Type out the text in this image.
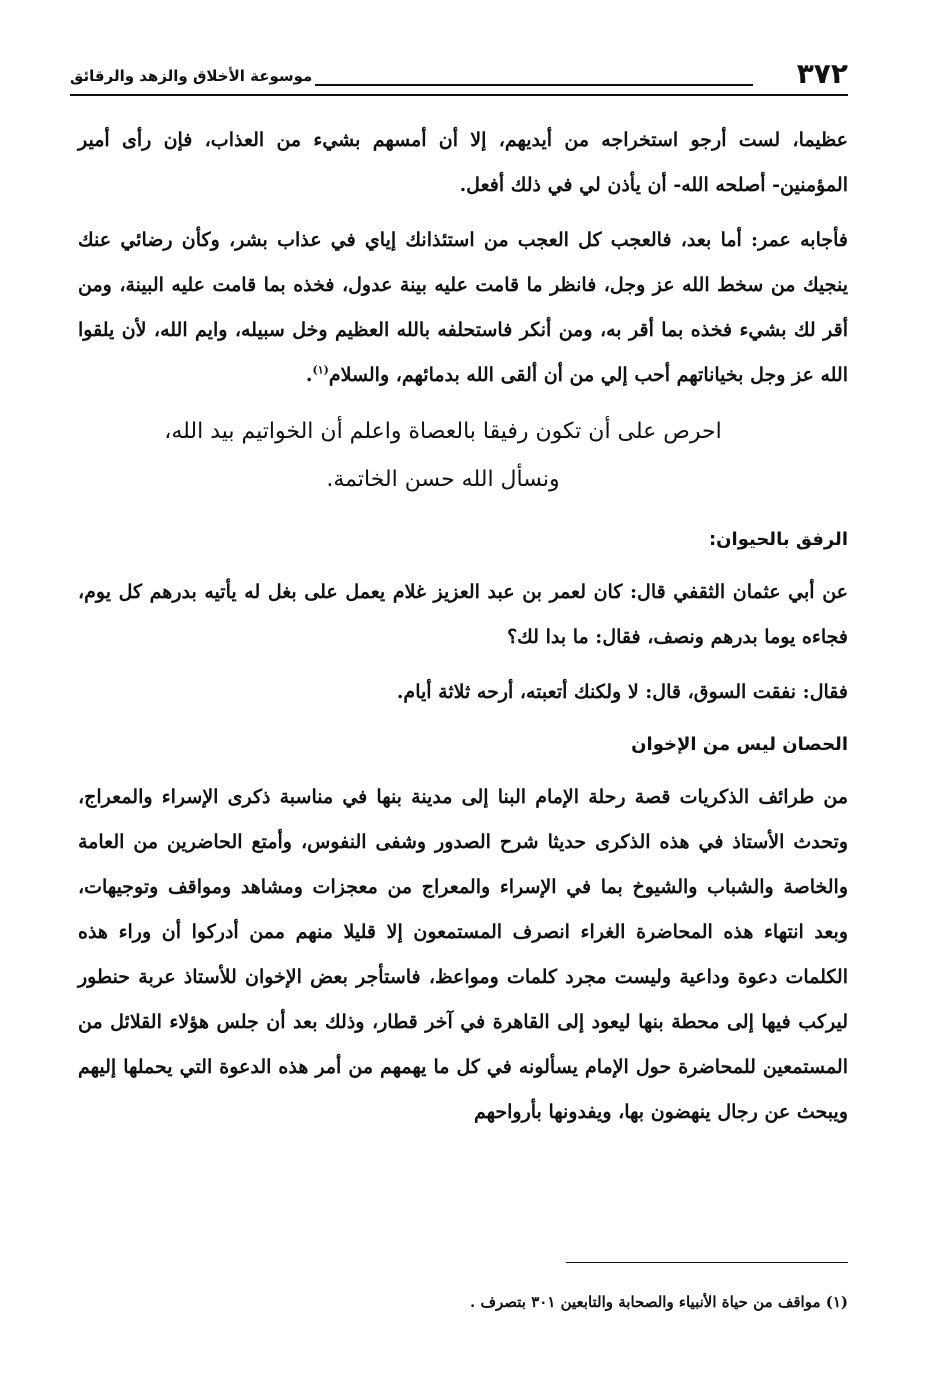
٣٧٢
موسوعة الأخلاق والزهد والرقائق

عظيما، لست أرجو استخراجه من أيديهم، إلا أن أمسهم بشيء من العذاب، فإن رأى أمير المؤمنين- أصلحه الله- أن يأذن لي في ذلك أفعل.

فأجابه عمر: أما بعد، فالعجب كل العجب من استئذانك إياي في عذاب بشر، وكأن رضائي عنك ينجيك من سخط الله عز وجل، فانظر ما قامت عليه بينة عدول، فخذه بما قامت عليه البينة، ومن أقر لك بشيء فخذه بما أقر به، ومن أنكر فاستحلفه بالله العظيم وخل سبيله، وايم الله، لأن يلقوا الله عز وجل بخياناتهم أحب إلي من أن ألقى الله بدمائهم، والسلام$^{(١)}$.

احرص على أن تكون رفيقا بالعصاة واعلم أن الخواتيم بيد الله،

ونسأل الله حسن الخاتمة.

الرفق بالحيوان:

عن أبي عثمان الثقفي قال: كان لعمر بن عبد العزيز غلام يعمل على بغل له يأتيه بدرهم كل يوم، فجاءه يوما بدرهم ونصف، فقال: ما بدا لك؟

فقال: نفقت السوق، قال: لا ولكنك أتعبته، أرحه ثلاثة أيام.

الحصان ليس من الإخوان

من طرائف الذكريات قصة رحلة الإمام البنا إلى مدينة بنها في مناسبة ذكرى الإسراء والمعراج، وتحدث الأستاذ في هذه الذكرى حديثا شرح الصدور وشفى النفوس، وأمتع الحاضرين من العامة والخاصة والشباب والشيوخ بما في الإسراء والمعراج من معجزات ومشاهد ومواقف وتوجيهات، وبعد انتهاء هذه المحاضرة الغراء انصرف المستمعون إلا قليلا منهم ممن أدركوا أن وراء هذه الكلمات دعوة وداعية وليست مجرد كلمات ومواعظ، فاستأجر بعض الإخوان للأستاذ عربة حنطور ليركب فيها إلى محطة بنها ليعود إلى القاهرة في آخر قطار، وذلك بعد أن جلس هؤلاء القلائل من المستمعين للمحاضرة حول الإمام يسألونه في كل ما يهمهم من أمر هذه الدعوة التي يحملها إليهم ويبحث عن رجال ينهضون بها، ويفدونها بأرواحهم

(١) مواقف من حياة الأنبياء والصحابة والتابعين ٣٠١ بتصرف .
